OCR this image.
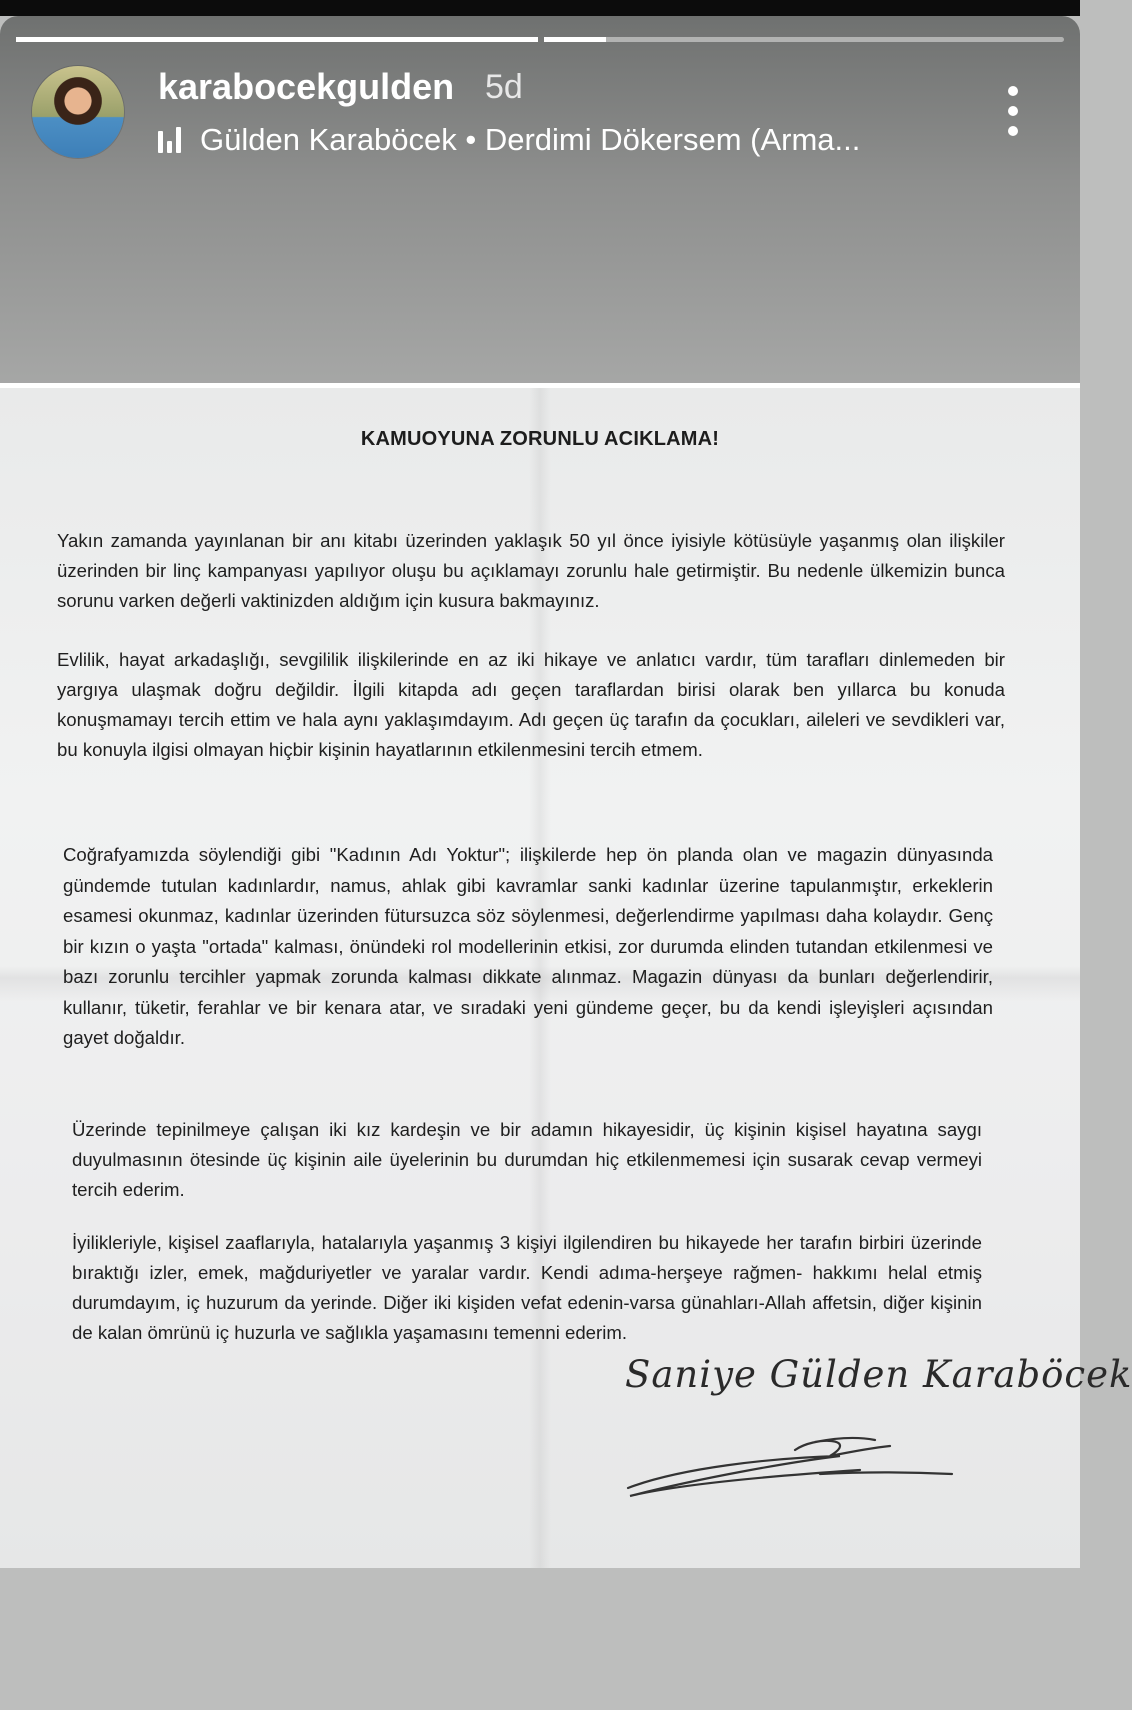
karabocekgulden 5d
Gülden Karaböcek • Derdimi Dökersem (Arma...
KAMUOYUNA ZORUNLU ACIKLAMA!

Yakın zamanda yayınlanan bir anı kitabı üzerinden yaklaşık 50 yıl önce iyisiyle kötüsüyle yaşanmış olan ilişkiler üzerinden bir linç kampanyası yapılıyor oluşu bu açıklamayı zorunlu hale getirmiştir. Bu nedenle ülkemizin bunca sorunu varken değerli vaktinizden aldığım için kusura bakmayınız.

Evlilik, hayat arkadaşlığı, sevgililik ilişkilerinde en az iki hikaye ve anlatıcı vardır, tüm tarafları dinlemeden bir yargıya ulaşmak doğru değildir. İlgili kitapda adı geçen taraflardan birisi olarak ben yıllarca bu konuda konuşmamayı tercih ettim ve hala aynı yaklaşımdayım. Adı geçen üç tarafın da çocukları, aileleri ve sevdikleri var, bu konuyla ilgisi olmayan hiçbir kişinin hayatlarının etkilenmesini tercih etmem.

Coğrafyamızda söylendiği gibi "Kadının Adı Yoktur"; ilişkilerde hep ön planda olan ve magazin dünyasında gündemde tutulan kadınlardır, namus, ahlak gibi kavramlar sanki kadınlar üzerine tapulanmıştır, erkeklerin esamesi okunmaz, kadınlar üzerinden fütursuzca söz söylenmesi, değerlendirme yapılması daha kolaydır. Genç bir kızın o yaşta "ortada" kalması, önündeki rol modellerinin etkisi, zor durumda elinden tutandan etkilenmesi ve bazı zorunlu tercihler yapmak zorunda kalması dikkate alınmaz. Magazin dünyası da bunları değerlendirir, kullanır, tüketir, ferahlar ve bir kenara atar, ve sıradaki yeni gündeme geçer, bu da kendi işleyişleri açısından gayet doğaldır.

Üzerinde tepinilmeye çalışan iki kız kardeşin ve bir adamın hikayesidir, üç kişinin kişisel hayatına saygı duyulmasının ötesinde üç kişinin aile üyelerinin bu durumdan hiç etkilenmemesi için susarak cevap vermeyi tercih ederim.

İyilikleriyle, kişisel zaaflarıyla, hatalarıyla yaşanmış 3 kişiyi ilgilendiren bu hikayede her tarafın birbiri üzerinde bıraktığı izler, emek, mağduriyetler ve yaralar vardır. Kendi adıma-herşeye rağmen- hakkımı helal etmiş durumdayım, iç huzurum da yerinde. Diğer iki kişiden vefat edenin-varsa günahları-Allah affetsin, diğer kişinin de kalan ömrünü iç huzurla ve sağlıkla yaşamasını temenni ederim.

Saniye Gülden Karaböcek
